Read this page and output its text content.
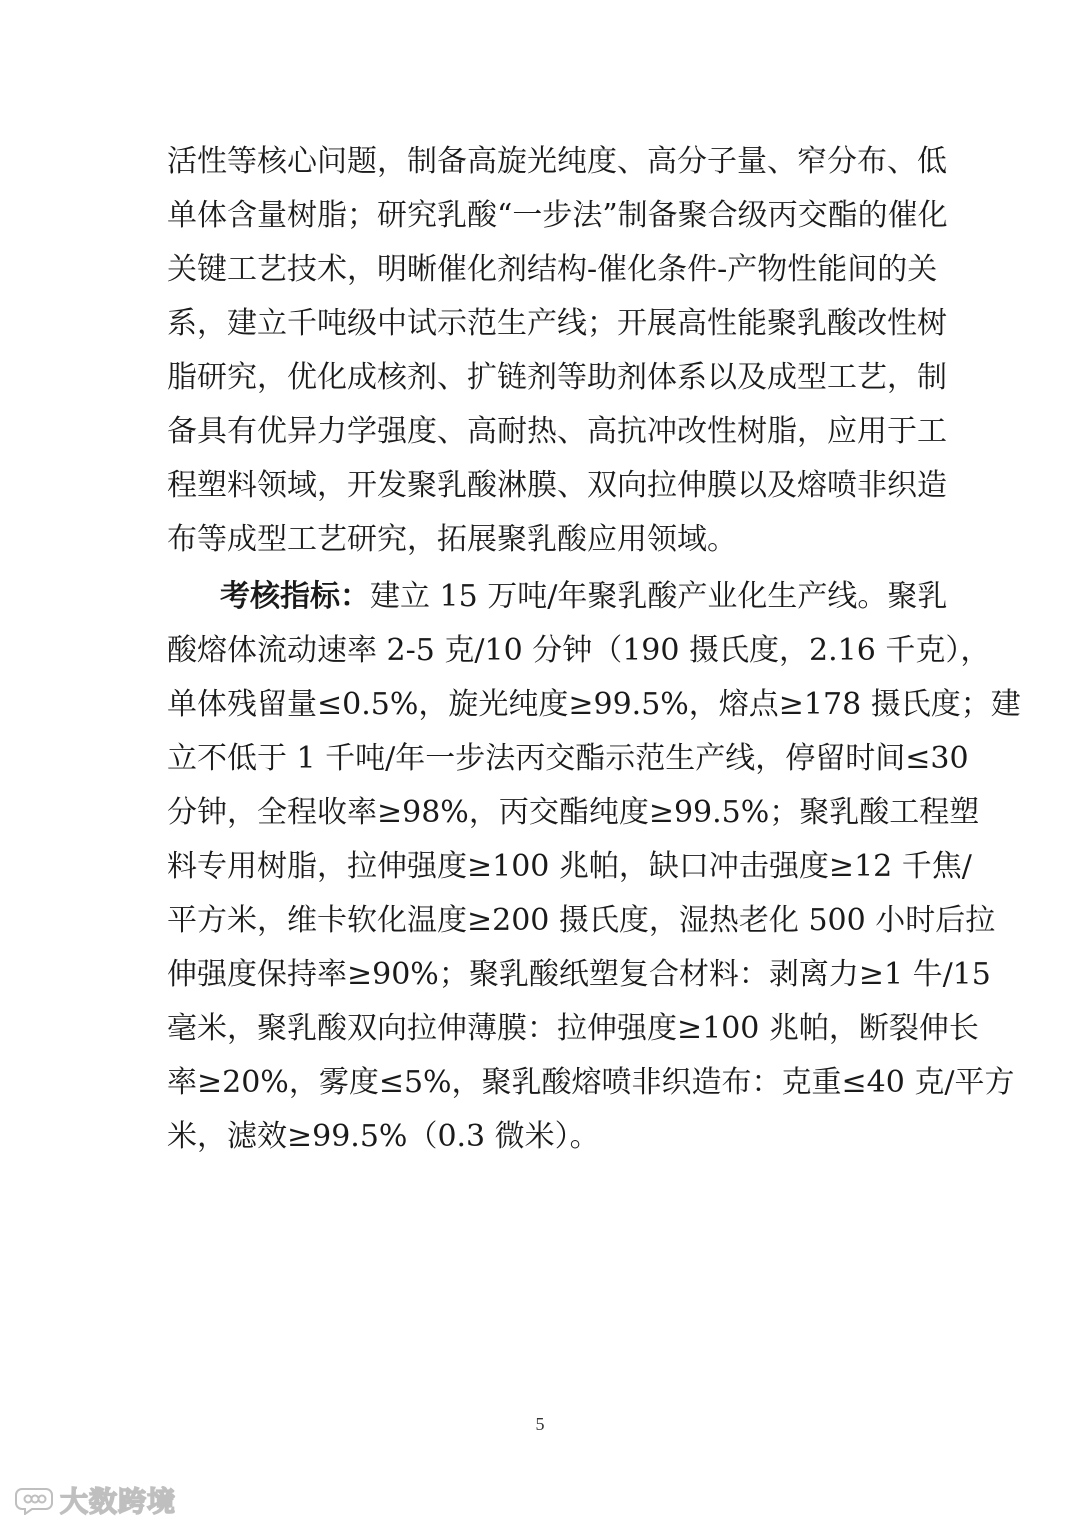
活性等核心问题，制备高旋光纯度、高分子量、窄分布、低
单体含量树脂；研究乳酸“一步法”制备聚合级丙交酯的催化
关键工艺技术，明晰催化剂结构-催化条件-产物性能间的关
系，建立千吨级中试示范生产线；开展高性能聚乳酸改性树
脂研究，优化成核剂、扩链剂等助剂体系以及成型工艺，制
备具有优异力学强度、高耐热、高抗冲改性树脂，应用于工
程塑料领域，开发聚乳酸淋膜、双向拉伸膜以及熔喷非织造
布等成型工艺研究，拓展聚乳酸应用领域。
考核指标：建立 15 万吨/年聚乳酸产业化生产线。聚乳
酸熔体流动速率 2-5 克/10 分钟（190 摄氏度，2.16 千克），
单体残留量≤0.5%，旋光纯度≥99.5%，熔点≥178 摄氏度；建
立不低于 1 千吨/年一步法丙交酯示范生产线，停留时间≤30
分钟，全程收率≥98%，丙交酯纯度≥99.5%；聚乳酸工程塑
料专用树脂，拉伸强度≥100 兆帕，缺口冲击强度≥12 千焦/
平方米，维卡软化温度≥200 摄氏度，湿热老化 500 小时后拉
伸强度保持率≥90%；聚乳酸纸塑复合材料：剥离力≥1 牛/15
毫米，聚乳酸双向拉伸薄膜：拉伸强度≥100 兆帕，断裂伸长
率≥20%，雾度≤5%，聚乳酸熔喷非织造布：克重≤40 克/平方
米，滤效≥99.5%（0.3 微米）。
5
大数跨境
